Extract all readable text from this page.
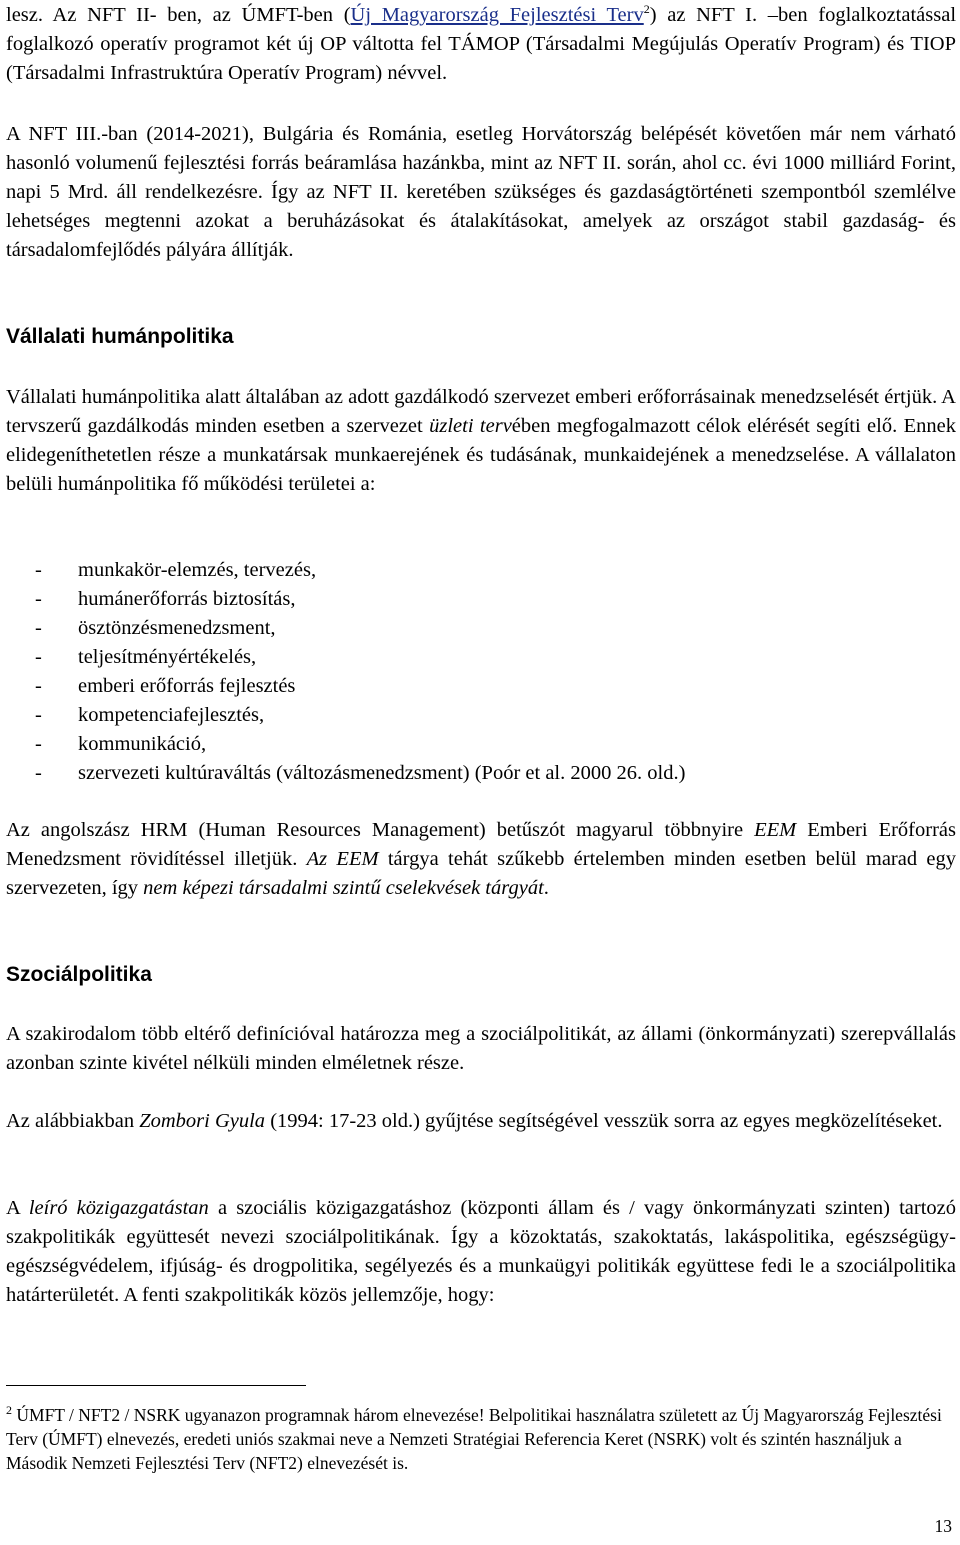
lesz. Az NFT II- ben, az ÚMFT-ben (Új Magyarország Fejlesztési Terv$^2$) az NFT I. –ben foglalkoztatással foglalkozó operatív programot két új OP váltotta fel TÁMOP (Társadalmi Megújulás Operatív Program) és TIOP (Társadalmi Infrastruktúra Operatív Program) névvel.

A NFT III.-ban (2014-2021), Bulgária és Románia, esetleg Horvátország belépését követően már nem várható hasonló volumenű fejlesztési forrás beáramlása hazánkba, mint az NFT II. során, ahol cc. évi 1000 milliárd Forint, napi 5 Mrd. áll rendelkezésre. Így az NFT II. keretében szükséges és gazdaságtörténeti szempontból szemlélve lehetséges megtenni azokat a beruházásokat és átalakításokat, amelyek az országot stabil gazdaság- és társadalomfejlődés pályára állítják.

Vállalati humánpolitika

Vállalati humánpolitika alatt általában az adott gazdálkodó szervezet emberi erőforrásainak menedzselését értjük. A tervszerű gazdálkodás minden esetben a szervezet üzleti tervében megfogalmazott célok elérését segíti elő. Ennek elidegeníthetetlen része a munkatársak munkaerejének és tudásának, munkaidejének a menedzselése. A vállalaton belüli humánpolitika fő működési területei a:

- munkakör-elemzés, tervezés,
- humánerőforrás biztosítás,
- ösztönzésmenedzsment,
- teljesítményértékelés,
- emberi erőforrás fejlesztés
- kompetenciafejlesztés,
- kommunikáció,
- szervezeti kultúraváltás (változásmenedzsment) (Poór et al. 2000 26. old.)

Az angolszász HRM (Human Resources Management) betűszót magyarul többnyire EEM Emberi Erőforrás Menedzsment rövidítéssel illetjük. Az EEM tárgya tehát szűkebb értelemben minden esetben belül marad egy szervezeten, így nem képezi társadalmi szintű cselekvések tárgyát.

Szociálpolitika

A szakirodalom több eltérő definícióval határozza meg a szociálpolitikát, az állami (önkormányzati) szerepvállalás azonban szinte kivétel nélküli minden elméletnek része.

Az alábbiakban Zombori Gyula (1994: 17-23 old.) gyűjtése segítségével vesszük sorra az egyes megközelítéseket.

A leíró közigazgatástan a szociális közigazgatáshoz (központi állam és / vagy önkormányzati szinten) tartozó szakpolitikák együttesét nevezi szociálpolitikának. Így a közoktatás, szakoktatás, lakáspolitika, egészségügy- egészségvédelem, ifjúság- és drogpolitika, segélyezés és a munkaügyi politikák együttese fedi le a szociálpolitika határterületét. A fenti szakpolitikák közös jellemzője, hogy:

$^2$ ÚMFT / NFT2 / NSRK ugyanazon programnak három elnevezése! Belpolitikai használatra született az Új Magyarország Fejlesztési Terv (ÚMFT) elnevezés, eredeti uniós szakmai neve a Nemzeti Stratégiai Referencia Keret (NSRK) volt és szintén használjuk a Második Nemzeti Fejlesztési Terv (NFT2) elnevezését is.

13
